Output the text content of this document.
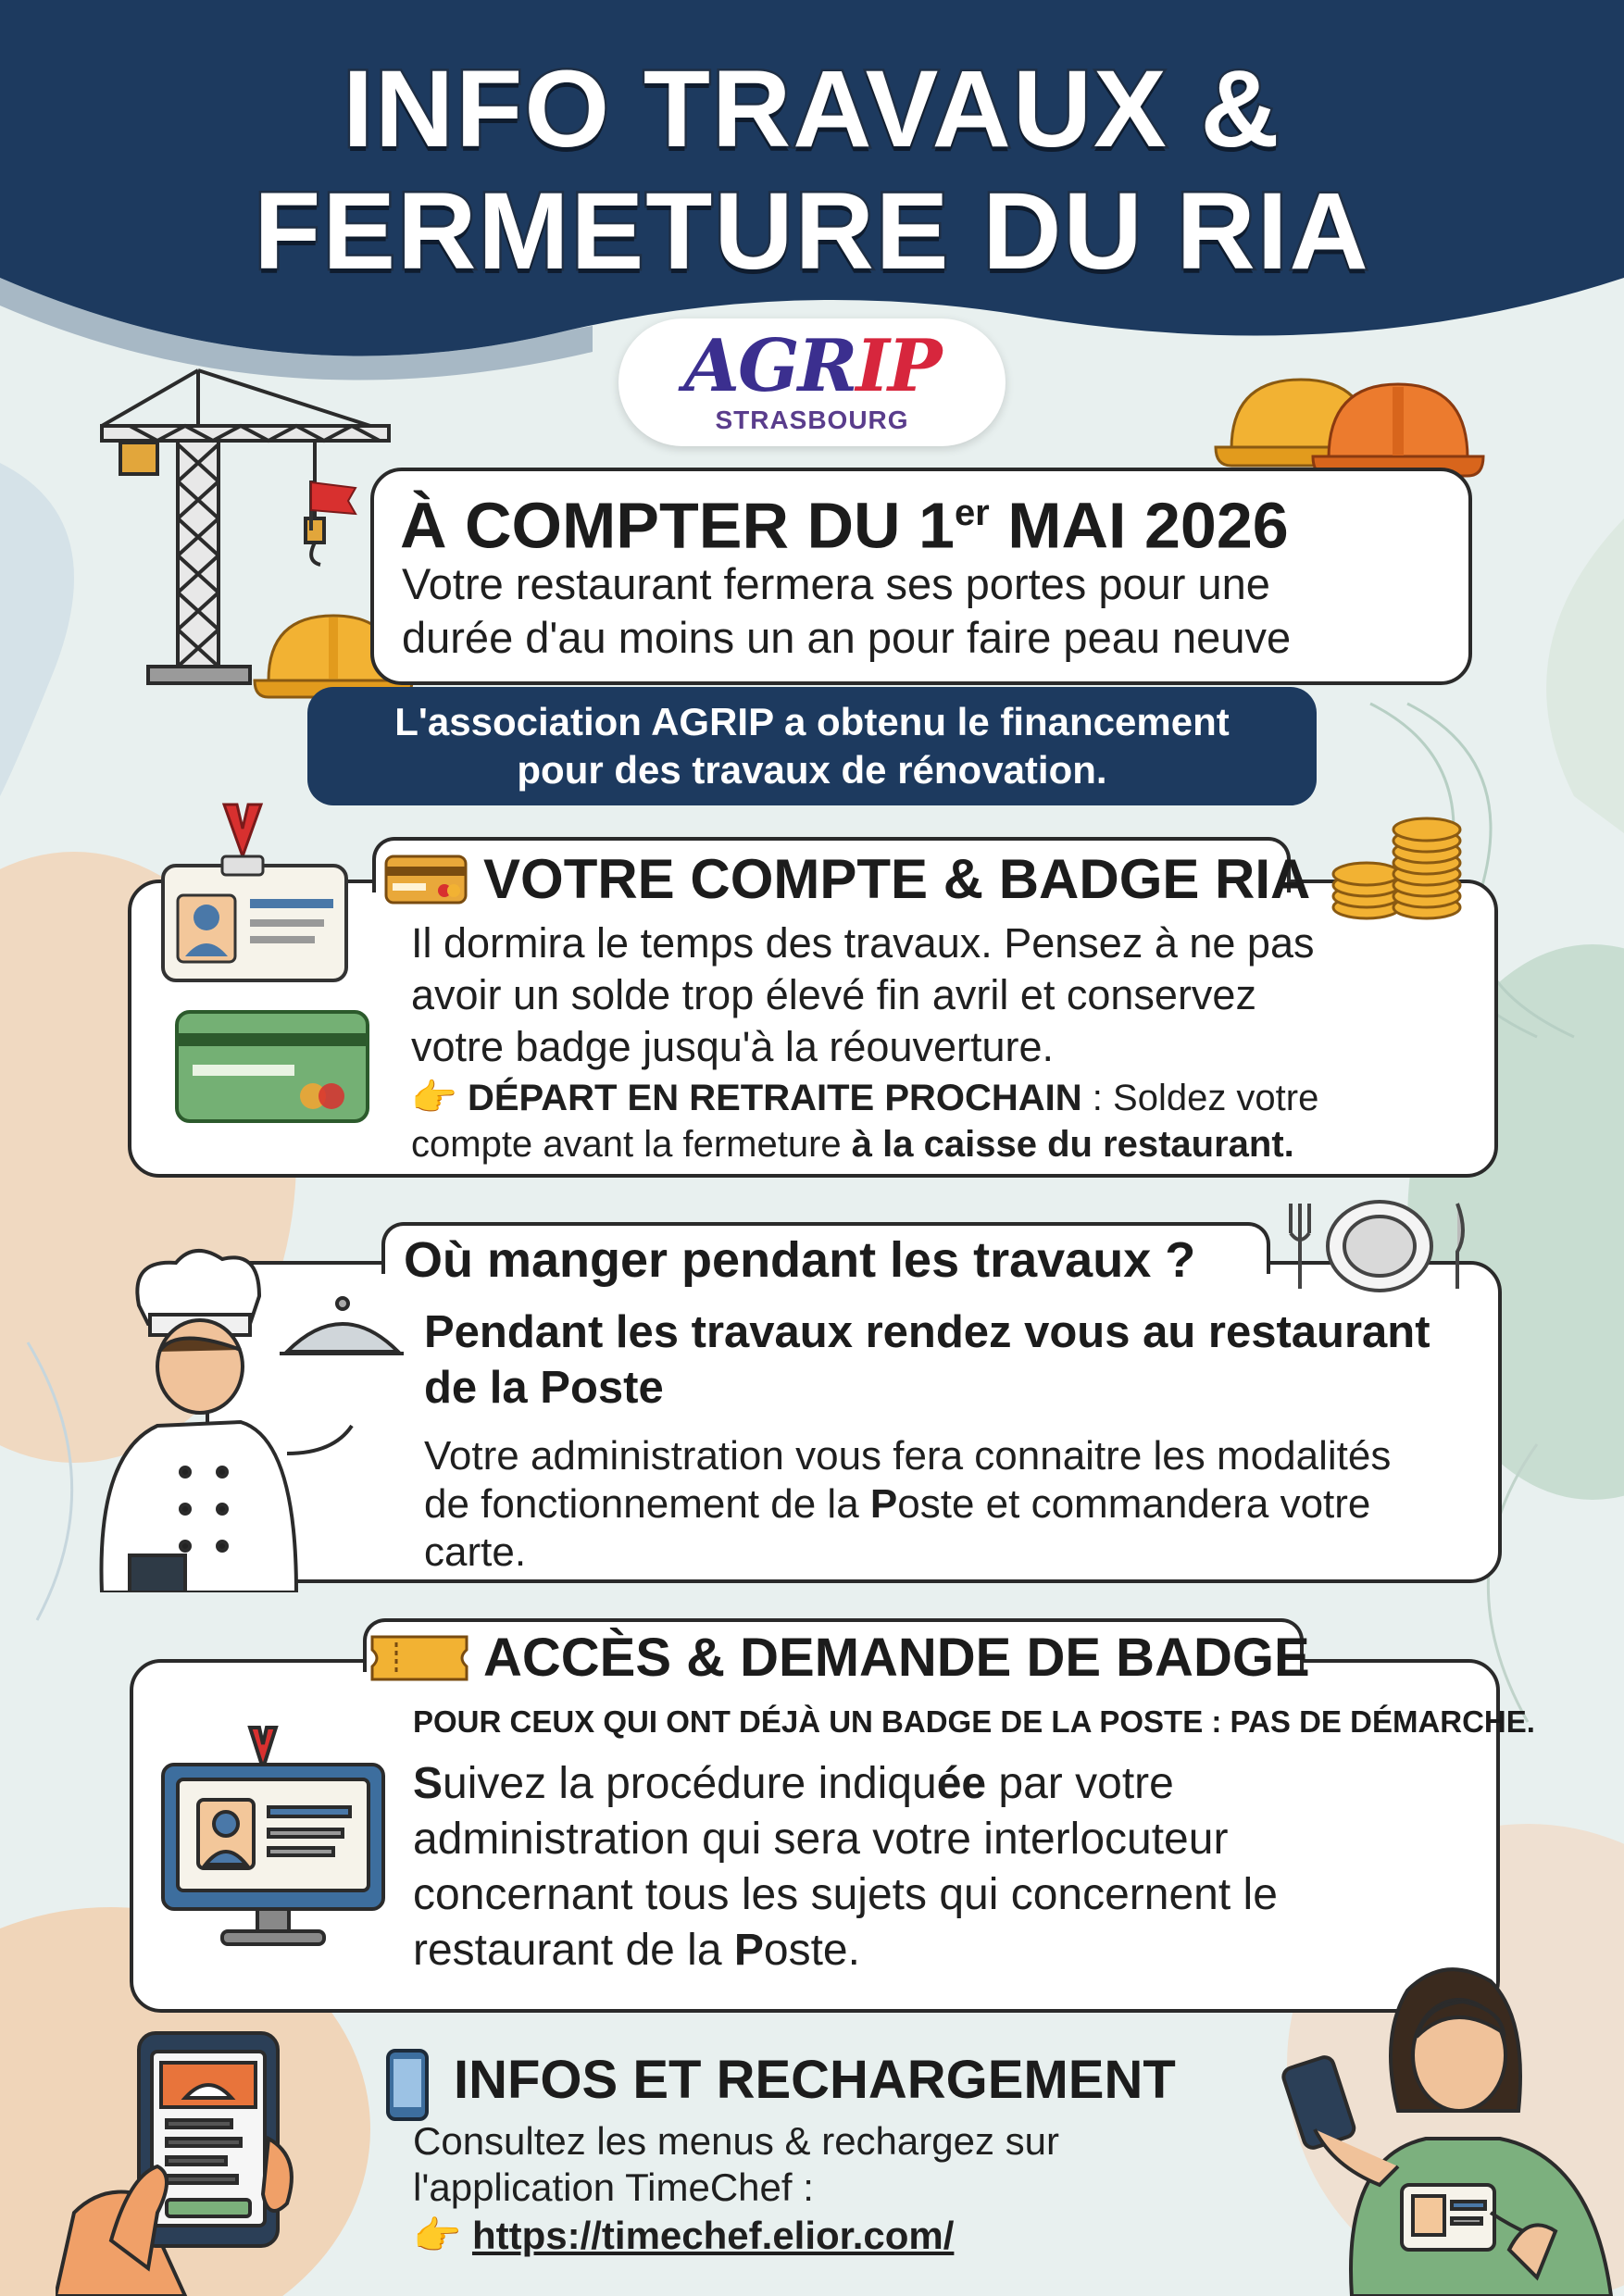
INFO TRAVAUX &
FERMETURE DU RIA
AGRIP
STRASBOURG
À COMPTER DU 1er MAI 2026
Votre restaurant fermera ses portes pour une
durée d'au moins un an pour faire peau neuve
L'association AGRIP a obtenu le financement
pour des travaux de rénovation.
VOTRE COMPTE & BADGE RIA
Il dormira le temps des travaux. Pensez à ne pas
avoir un solde trop élevé fin avril et conservez
votre badge jusqu'à la réouverture.
👉 DÉPART EN RETRAITE PROCHAIN : Soldez votre
compte avant la fermeture à la caisse du restaurant.
Où manger pendant les travaux ?
Pendant les travaux rendez vous au restaurant
de la Poste
Votre administration vous fera connaitre les modalités
de fonctionnement de la Poste et commandera votre
carte.
ACCÈS & DEMANDE DE BADGE
POUR CEUX QUI ONT DÉJÀ UN BADGE DE LA POSTE : PAS DE DÉMARCHE.
Suivez la procédure indiquée par votre
administration qui sera votre interlocuteur
concernant tous les sujets qui concernent le
restaurant de la Poste.
INFOS ET RECHARGEMENT
Consultez les menus & rechargez sur
l'application TimeChef :
👉 https://timechef.elior.com/
